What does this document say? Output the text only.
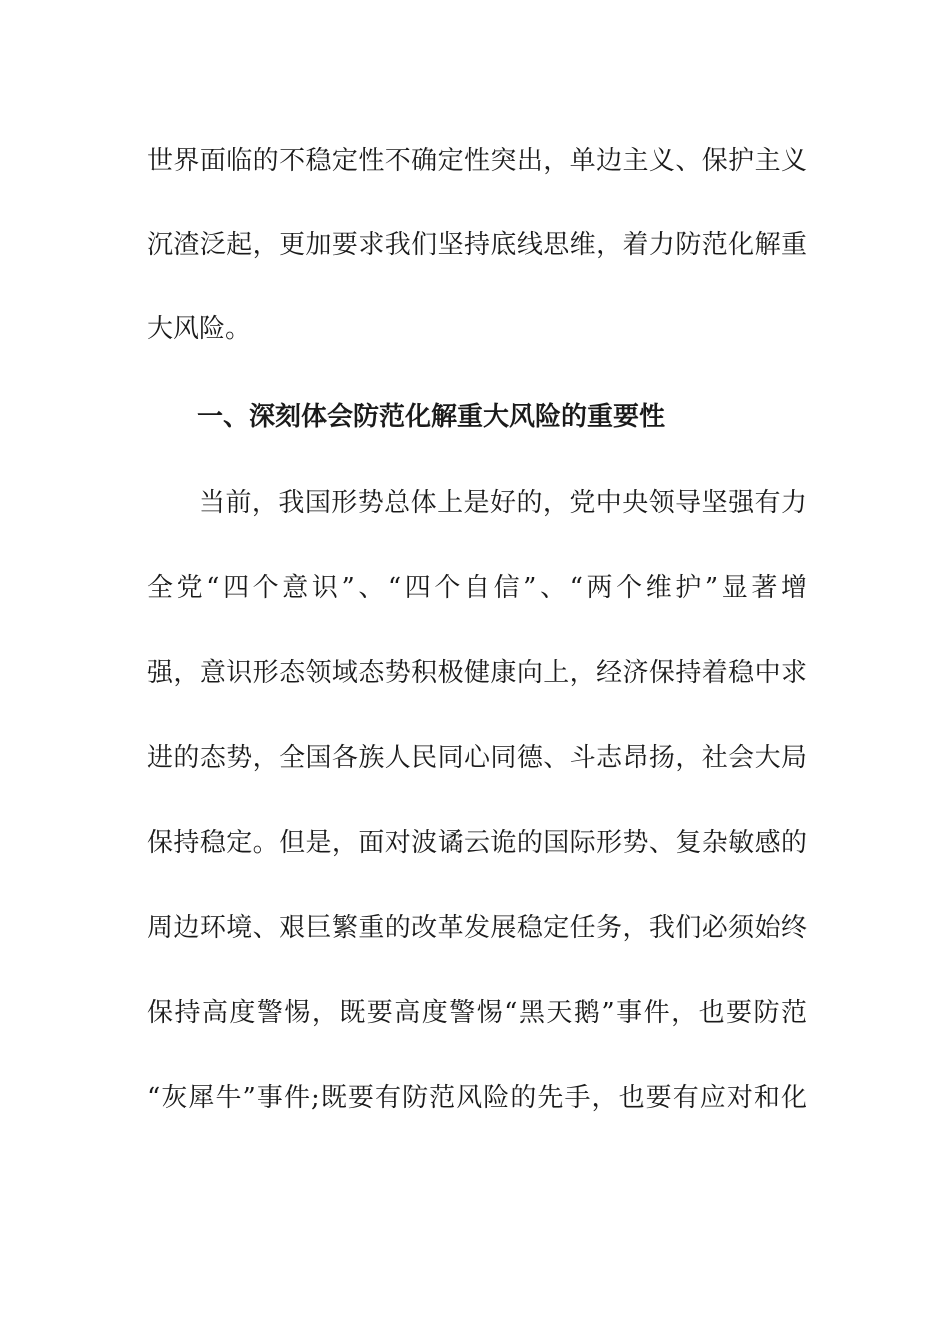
世界面临的不稳定性不确定性突出，单边主义、保护主义
沉渣泛起，更加要求我们坚持底线思维，着力防范化解重
大风险。
一、深刻体会防范化解重大风险的重要性
当前，我国形势总体上是好的，党中央领导坚强有力
全党“四个意识”、“四个自信”、“两个维护”显著增
强，意识形态领域态势积极健康向上，经济保持着稳中求
进的态势，全国各族人民同心同德、斗志昂扬，社会大局
保持稳定。但是，面对波谲云诡的国际形势、复杂敏感的
周边环境、艰巨繁重的改革发展稳定任务，我们必须始终
保持高度警惕，既要高度警惕“黑天鹅”事件，也要防范
“灰犀牛”事件;既要有防范风险的先手，也要有应对和化
